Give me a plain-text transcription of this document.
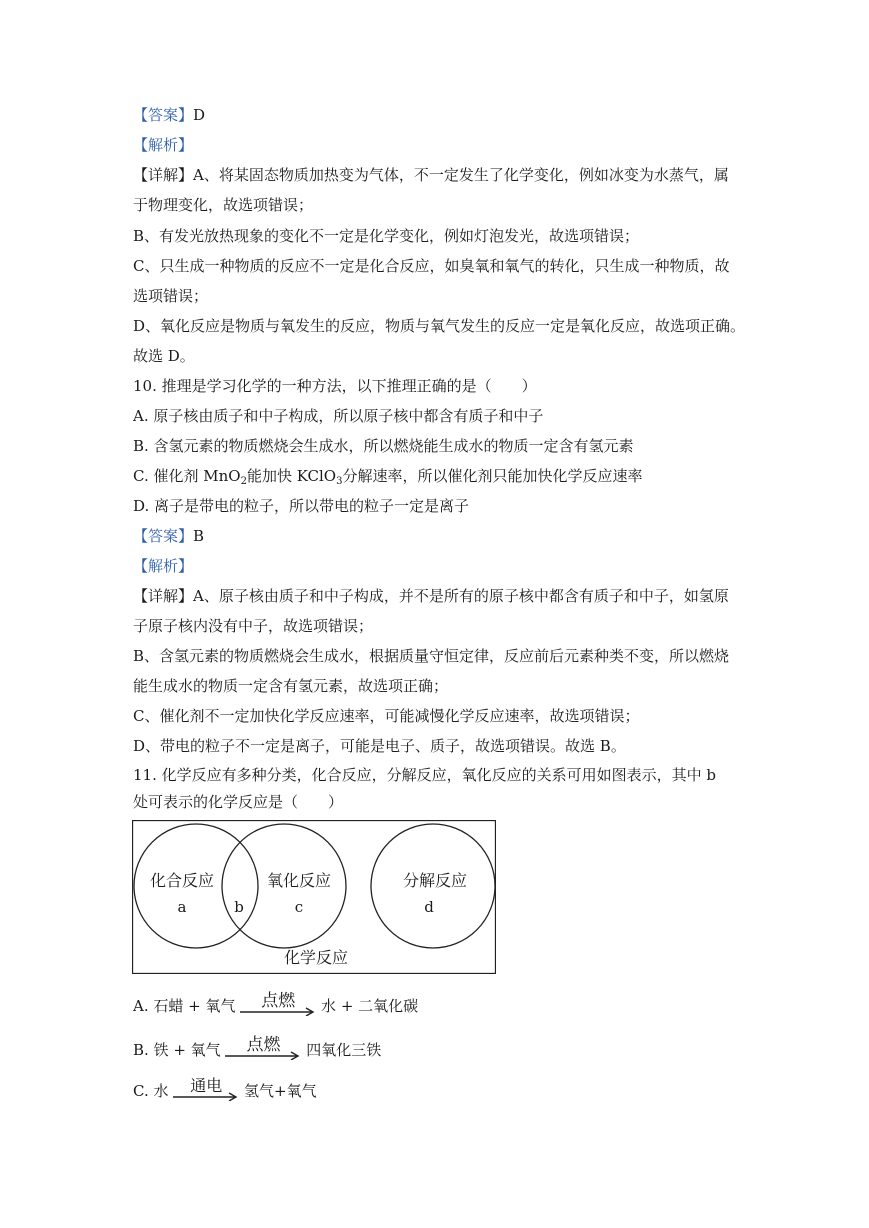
【答案】D
【解析】
【详解】A、将某固态物质加热变为气体，不一定发生了化学变化，例如冰变为水蒸气，属
于物理变化，故选项错误；
B、有发光放热现象的变化不一定是化学变化，例如灯泡发光，故选项错误；
C、只生成一种物质的反应不一定是化合反应，如臭氧和氧气的转化，只生成一种物质，故
选项错误；
D、氧化反应是物质与氧发生的反应，物质与氧气发生的反应一定是氧化反应，故选项正确。
故选 D。
10. 推理是学习化学的一种方法，以下推理正确的是（　　）
A. 原子核由质子和中子构成，所以原子核中都含有质子和中子
B. 含氢元素的物质燃烧会生成水，所以燃烧能生成水的物质一定含有氢元素
C. 催化剂 MnO$_2$能加快 KClO$_3$分解速率，所以催化剂只能加快化学反应速率
D. 离子是带电的粒子，所以带电的粒子一定是离子
【答案】B
【解析】
【详解】A、原子核由质子和中子构成，并不是所有的原子核中都含有质子和中子，如氢原
子原子核内没有中子，故选项错误；
B、含氢元素的物质燃烧会生成水，根据质量守恒定律，反应前后元素种类不变，所以燃烧
能生成水的物质一定含有氢元素，故选项正确；
C、催化剂不一定加快化学反应速率，可能减慢化学反应速率，故选项错误；
D、带电的粒子不一定是离子，可能是电子、质子，故选项错误。故选 B。
11. 化学反应有多种分类，化合反应，分解反应，氧化反应的关系可用如图表示，其中 b
处可表示的化学反应是（　　）
化合反应	氧化反应	分解反应
化学反应
a	b	c	d
A. 石蜡 + 氧气	点燃	水 + 二氧化碳
B. 铁 + 氧气	点燃	四氧化三铁
C. 水	通电	氢气+氧气
